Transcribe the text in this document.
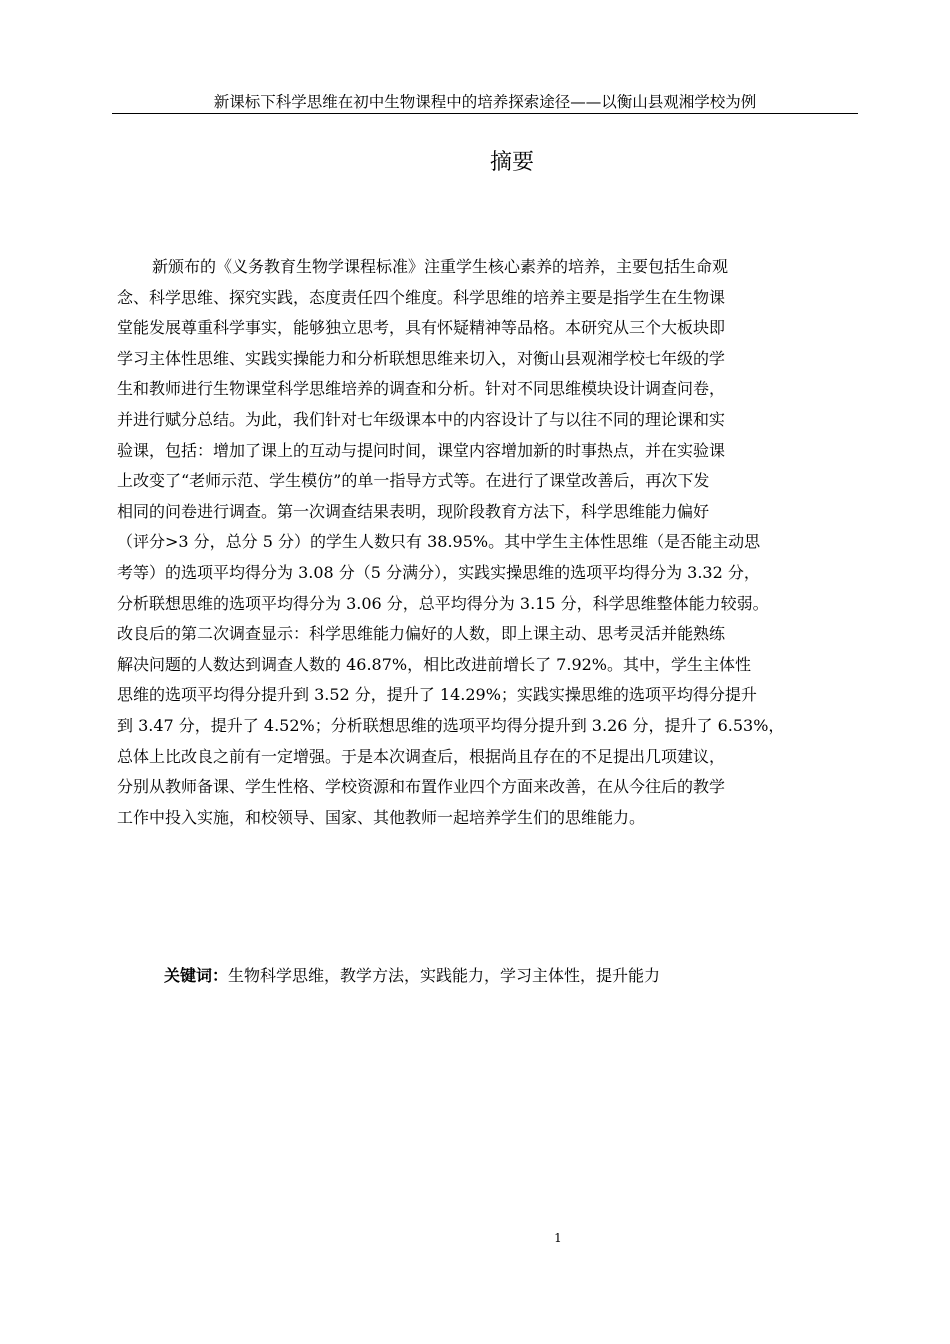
新课标下科学思维在初中生物课程中的培养探索途径——以衡山县观湘学校为例
摘要

新颁布的《义务教育生物学课程标准》注重学生核心素养的培养，主要包括生命观

念、科学思维、探究实践，态度责任四个维度。科学思维的培养主要是指学生在生物课

堂能发展尊重科学事实，能够独立思考，具有怀疑精神等品格。本研究从三个大板块即

学习主体性思维、实践实操能力和分析联想思维来切入，对衡山县观湘学校七年级的学

生和教师进行生物课堂科学思维培养的调查和分析。针对不同思维模块设计调查问卷，

并进行赋分总结。为此，我们针对七年级课本中的内容设计了与以往不同的理论课和实

验课，包括：增加了课上的互动与提问时间，课堂内容增加新的时事热点，并在实验课

上改变了“老师示范、学生模仿”的单一指导方式等。在进行了课堂改善后，再次下发

相同的问卷进行调查。第一次调查结果表明，现阶段教育方法下，科学思维能力偏好

（评分>3 分，总分 5 分）的学生人数只有 38.95%。其中学生主体性思维（是否能主动思

考等）的选项平均得分为 3.08 分（5 分满分），实践实操思维的选项平均得分为 3.32 分，

分析联想思维的选项平均得分为 3.06 分，总平均得分为 3.15 分，科学思维整体能力较弱。

改良后的第二次调查显示：科学思维能力偏好的人数，即上课主动、思考灵活并能熟练

解决问题的人数达到调查人数的 46.87%，相比改进前增长了 7.92%。其中，学生主体性

思维的选项平均得分提升到 3.52 分，提升了 14.29%；实践实操思维的选项平均得分提升

到 3.47 分，提升了 4.52%；分析联想思维的选项平均得分提升到 3.26 分，提升了 6.53%，

总体上比改良之前有一定增强。于是本次调查后，根据尚且存在的不足提出几项建议，

分别从教师备课、学生性格、学校资源和布置作业四个方面来改善，在从今往后的教学

工作中投入实施，和校领导、国家、其他教师一起培养学生们的思维能力。

关键词：生物科学思维，教学方法，实践能力，学习主体性，提升能力
1
